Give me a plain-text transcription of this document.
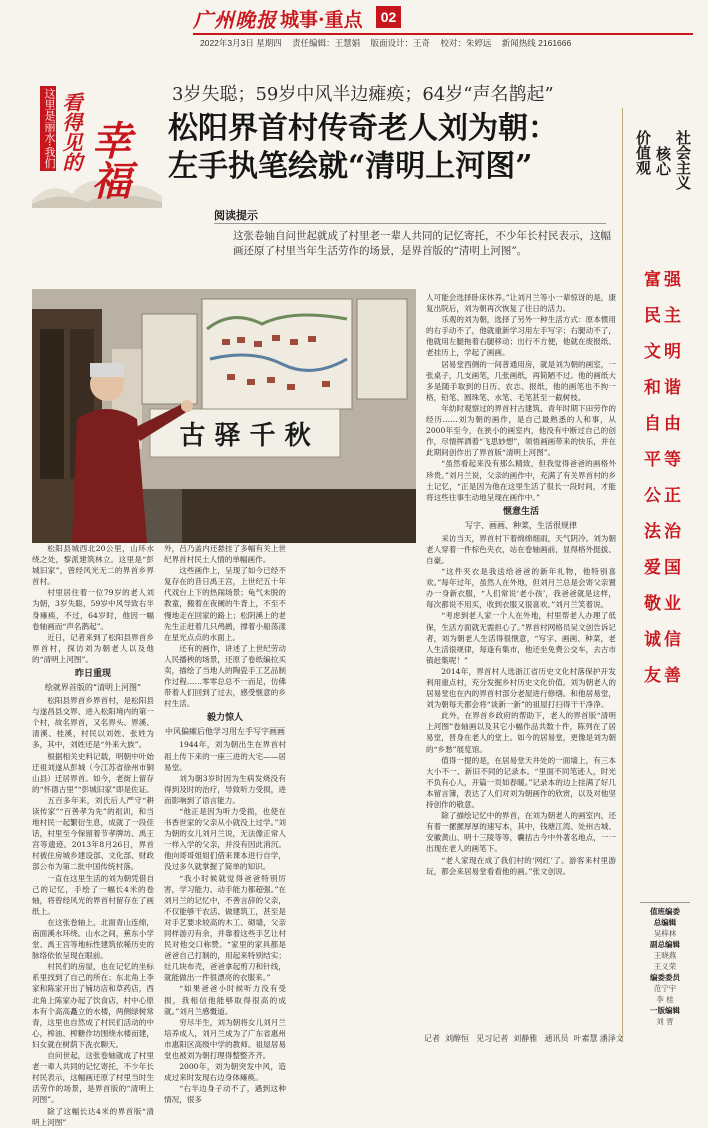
广州晚报 城事·重点	02
2022年3月3日 星期四 责任编辑：王慧娟 版面设计：王奇 校对：朱婷远 新闻热线 2161666
这里是丽水·我们 看得见的 幸福
3岁失聪；59岁中风半边瘫痪；64岁“声名鹊起”
松阳界首村传奇老人刘为朝：
左手执笔绘就“清明上河图”
阅读提示
这张卷轴自问世起就成了村里老一辈人共同的记忆寄托，不少年长村民表示，这幅画还原了村里当年生活劳作的场景，是界首版的“清明上河图”。
古 驿 千 秋

松阳县城西北20公里，山环水绕之处，黎派建筑林立。这里是“彭城旧家”，曾经风光无二的界首乡界首村。

村里居住着一位79岁的老人刘为朝，3岁失聪，59岁中风导致右半身瘫痪，不过，64岁时，他因一幅卷轴画而“声名鹊起”。

近日，记者来到了松阳县界首乡界首村，探访刘为朝老人以及他的“清明上河图”。

昨日重现
绘就界首版的“清明上河图”

松阳县界首乡界首村，是松阳县与遂昌县交界、进入松阳境内的第一个村，故名界首，又名界头、界溪、清溪、桂溪，村民以刘姓、张姓为多，其中，刘姓还是“外来大族”。

根据相关史料记载，明朝中叶始迁祖刘遂从彭城（今江苏省徐州市铜山县）迁居界首。如今，老街上留存的“怀德古里”“彭城旧家”即是佐证。

五百多年来，刘氏后人严守“耕读传家”“百善孝为先”的祖训，和当地村民一起繁衍生息，成就了一段佳话，村里至今保留着节孝牌坊、禹王宫等遗迹。2013年8月26日，界首村被住房城乡建设部、文化部、财政部公布为第二批中国传统村落。

一直在这里生活的刘为朝凭借自己的记忆，手绘了一幅长4米的卷轴，将曾经风光的界首村留存在了画纸上。

在这张卷轴上，北面青山连绵，南面溪水环绕。山水之间，蕉东小学堂、禹王宫等地标性建筑依稀历史的脉络依依呈现在眼前。

村民们的房屋，也在记忆的坐标系里找到了自己的所在；东北角上李家和陈家开出了铺坊店和草药店，西北角上陈家办起了饮食店，村中心原本有个高高矗立的水楼，两侧绿树常青，这里也自然成了村民们活动的中心，榨油、榨糖作坊围绕水楼而建，妇女就在树荫下洗衣聊天。

自问世起，这张卷轴就成了村里老一辈人共同的记忆寄托，不少年长村民表示，这幅画还原了村里当时生活劳作的场景，是界首版的“清明上河图”。

除了这幅长达4米的界首版“清明上河图”

外，吕乃盖内还悬挂了多幅有关上世纪界首村民土人情的单幅画作。

这些画作上，呈现了如今已经不复存在的昔日禹王宫，上世纪五十年代戏台上下的热闹场景；龟气未脱的教童，搬着在夜阑的牛背上，不至不慢地走在回家的路上；松阴溪上的老先生正赶着几只鸬鹚，撑着小船荡漾在星光点点的水面上。

还有的画作，讲述了上世纪劳动人民播秧的场景，还原了卷纸编拉买卖，描绘了当地人的陶瓷手工艺品制作过程……零零总总不一而足，仿佛带着人们回到了过去，感受惬意的乡村生活。

毅力惊人
中风偏瘫后他学习用左手写字画画

1944年，刘为朝出生在界首村祖上传下来的一座三进的大宅——居易堂。

刘为朝3岁时因为生病发烧没有得到及时的治疗，导致听力受损，进而影响到了语言能力。

“他正是因为听力受损，也使在书香世家的父亲从小就没上过学。”刘为朝的女儿刘月兰说，无法像正常人一样入学的父亲，并没有因此消沉。他向哥哥姐姐们借来课本进行自学，没过多久就掌握了简单的知识。

“我小时候就觉得爸爸特别厉害，学习能力、动手能力都超强。”在刘月兰的记忆中，不善言辞的父亲，不仅能够干农活、做建筑工，甚至是对手艺要求较高的木工、砌墙，父亲同样游刃有余，并靠着这些手艺让村民对他交口称赞。“家里的家具都是爸爸自己打制的，用起来特别结实；灶几块布壳，爸爸拿起剪刀和针线，就能做出一件很漂亮的衣服来。”

“如果爸爸小时候听力没有受损，我相信他能够取得很高的成就。”刘月兰感慨道。

穷尽半生，刘为朝将女儿刘月兰培养成人，刘月兰成为了广东省惠州市惠阳区高级中学的教师。祖屋居易堂也被刘为朝打理得整整齐齐。

2000年，刘为朝突发中风，造成过来时发现右边身体瘫痪。

“右半边身子动不了，遇到这种情况，很多

人可能会选择卧床休养。”让刘月兰等小一辈惊讶的是，康复出院后，刘为朝再次恢复了往日的活力。

乐观的刘为朝，选择了另外一种生活方式：原本惯用的右手动不了，他就重新学习用左手写字；右腿动不了，他就用左腿拖着右腿移动；出行不方便，他就在废报纸、老挂历上，学起了画画。

居易堂西侧的一间普通用房，就是刘为朝的画室，一张桌子，几支画笔，几张画纸，再简陋不过。他的画纸大多是随手取到的日历、农志、报纸，他的画笔也不拘一格，铅笔、圆珠笔、水笔、毛笔甚至一截树枝。

年幼时观察过的界首村古建筑、青年时期下田劳作的经历……刘为朝的画作，是自己最熟悉的人和事，从2000年至今，在狭小的画室内，他没有中断过自己的创作，尽情挥洒着“飞思妙想”，领悟画画带来的快乐，并在此期间创作出了界首版“清明上河图”。

“虽然看起来没有那么精致，但我觉得爸爸的画格外珍贵。”刘月兰说，父亲的画作中，充满了有关界首村的乡土记忆，“正是因为他在这里生活了很长一段时间，才能将这些往事生动地呈现在画作中。”

惬意生活
写字、画画、种菜，生活很规律

采访当天，界首村下着绵绵细雨，天气阴冷。刘为朝老人穿着一件棕色夹衣，站在卷轴画前，显得格外挺拔、自豪。

“这件夹衣是我送给爸爸的新年礼物，他特别喜欢。”每年过年，虽然人在外地，但刘月兰总是会寄父亲置办一身新衣服，“人们常说‘老小孩’，我爸爸就是这样，每次都说不用买，收到衣服又很喜欢。”刘月兰笑着说。

“考虑到老人家一个人在外地，村里帮老人办理了低保，生活方面就无需担心了。”界首村网格员吴文创告诉记者，刘为朝老人生活得很惬意，“写字、画画、种菜，老人生活很规律，每逢有集市，他还坐免费公交车，去古市镇赶集呢！”

2014年，界首村人选浙江省历史文化村落保护开发利用重点村，充分发掘乡村历史文化价值。刘为朝老人的居易堂也在内的界首村部分老屋进行修缮。和他居易堂，刘为朝每天都会将“谈新一新”的祖屋打扫得干干净净。

此外，在界首乡政府的帮助下，老人的界首版“清明上河图”卷轴画以及其它小幅作品共数十件，陈列在了居易堂，晋身在老人的堂上。如今的居易堂，更像是刘为朝的“乡愁”展览馆。

值得一提的是，在居易堂天井处的一面墙上，有三本大小不一、新旧不同的记录本。“里面不同笔迹人，时光不负有心人，开篇一页如春暖。”记录本的边上挂满了好几本留言簿，表达了人们对刘为朝画作的欣赏，以及对他坚持创作的敬意。

除了描绘记忆中的界首，在刘为朝老人的画室内，还有着一摞摞厚厚的速写本，其中，钱塘江湾、处州古城、安徽黄山、明十三陵等等，囊括古今中外著名地点，一一出现在老人的画笔下。

“老人家现在成了我们村的‘网红’了。游客来村里游玩，都会来居易堂看看他的画。”张文创说。

记者 刘醇恒 见习记者 刘静雅 通讯员 叶素慧 潘泽文
社会主义
核心
价值观
富强
民主
文明
和谐
自由
平等
公正
法治
爱国
敬业
诚信
友善
值班编委
总编辑
吴梓林
副总编辑
王晓燕
王义荣
编委委员
范宁宇
李 桂
一版编辑
刘 晋
